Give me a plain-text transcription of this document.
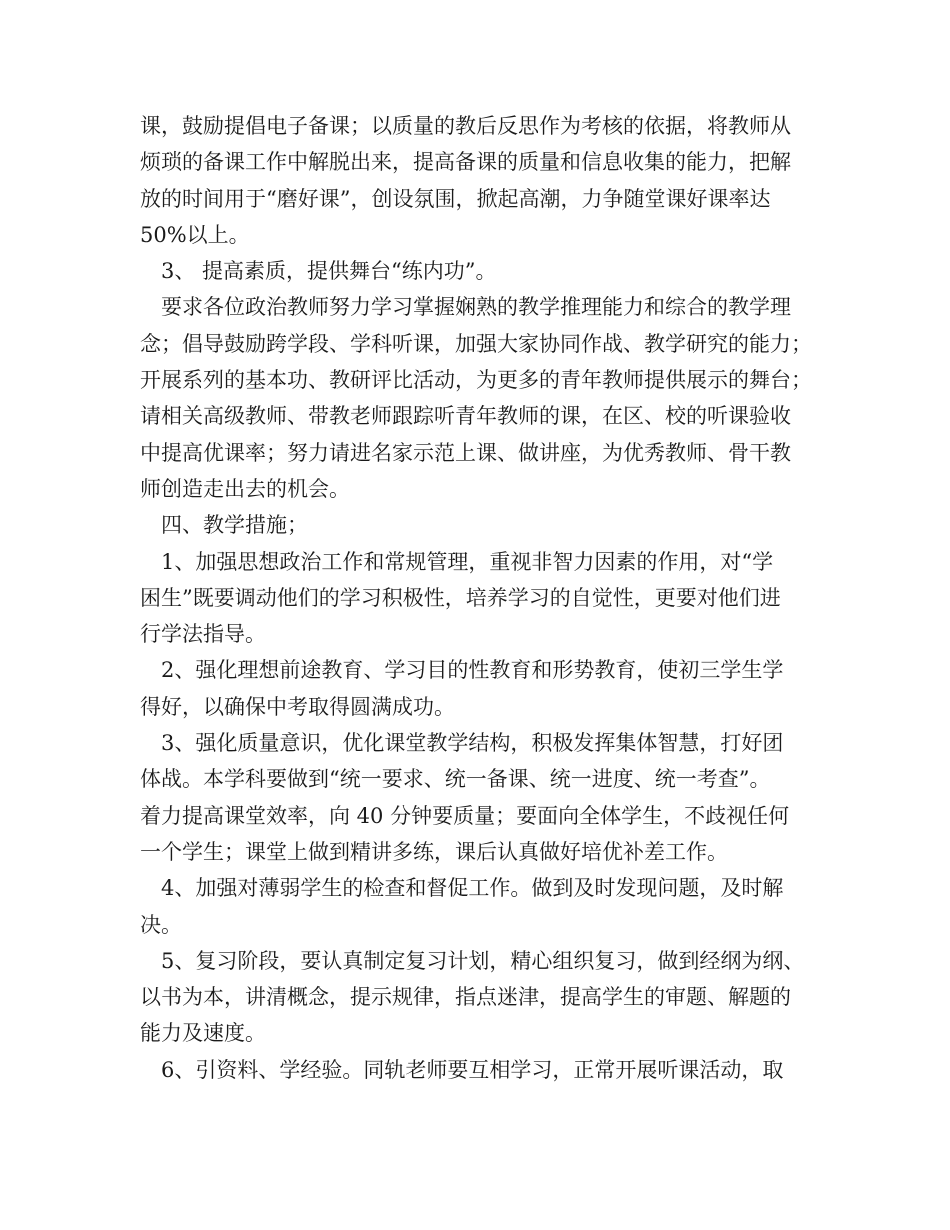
课，鼓励提倡电子备课；以质量的教后反思作为考核的依据，将教师从
烦琐的备课工作中解脱出来，提高备课的质量和信息收集的能力，把解
放的时间用于“磨好课”，创设氛围，掀起高潮，力争随堂课好课率达
50%以上。
3、 提高素质，提供舞台“练内功”。
要求各位政治教师努力学习掌握娴熟的教学推理能力和综合的教学理
念；倡导鼓励跨学段、学科听课，加强大家协同作战、教学研究的能力；
开展系列的基本功、教研评比活动，为更多的青年教师提供展示的舞台；
请相关高级教师、带教老师跟踪听青年教师的课，在区、校的听课验收
中提高优课率；努力请进名家示范上课、做讲座，为优秀教师、骨干教
师创造走出去的机会。
四、教学措施；
1、加强思想政治工作和常规管理，重视非智力因素的作用，对“学
困生”既要调动他们的学习积极性，培养学习的自觉性，更要对他们进
行学法指导。
2、强化理想前途教育、学习目的性教育和形势教育，使初三学生学
得好，以确保中考取得圆满成功。
3、强化质量意识，优化课堂教学结构，积极发挥集体智慧，打好团
体战。本学科要做到“统一要求、统一备课、统一进度、统一考查”。
着力提高课堂效率，向 40 分钟要质量；要面向全体学生，不歧视任何
一个学生；课堂上做到精讲多练，课后认真做好培优补差工作。
4、加强对薄弱学生的检查和督促工作。做到及时发现问题，及时解
决。
5、复习阶段，要认真制定复习计划，精心组织复习，做到经纲为纲、
以书为本，讲清概念，提示规律，指点迷津，提高学生的审题、解题的
能力及速度。
6、引资料、学经验。同轨老师要互相学习，正常开展听课活动，取
